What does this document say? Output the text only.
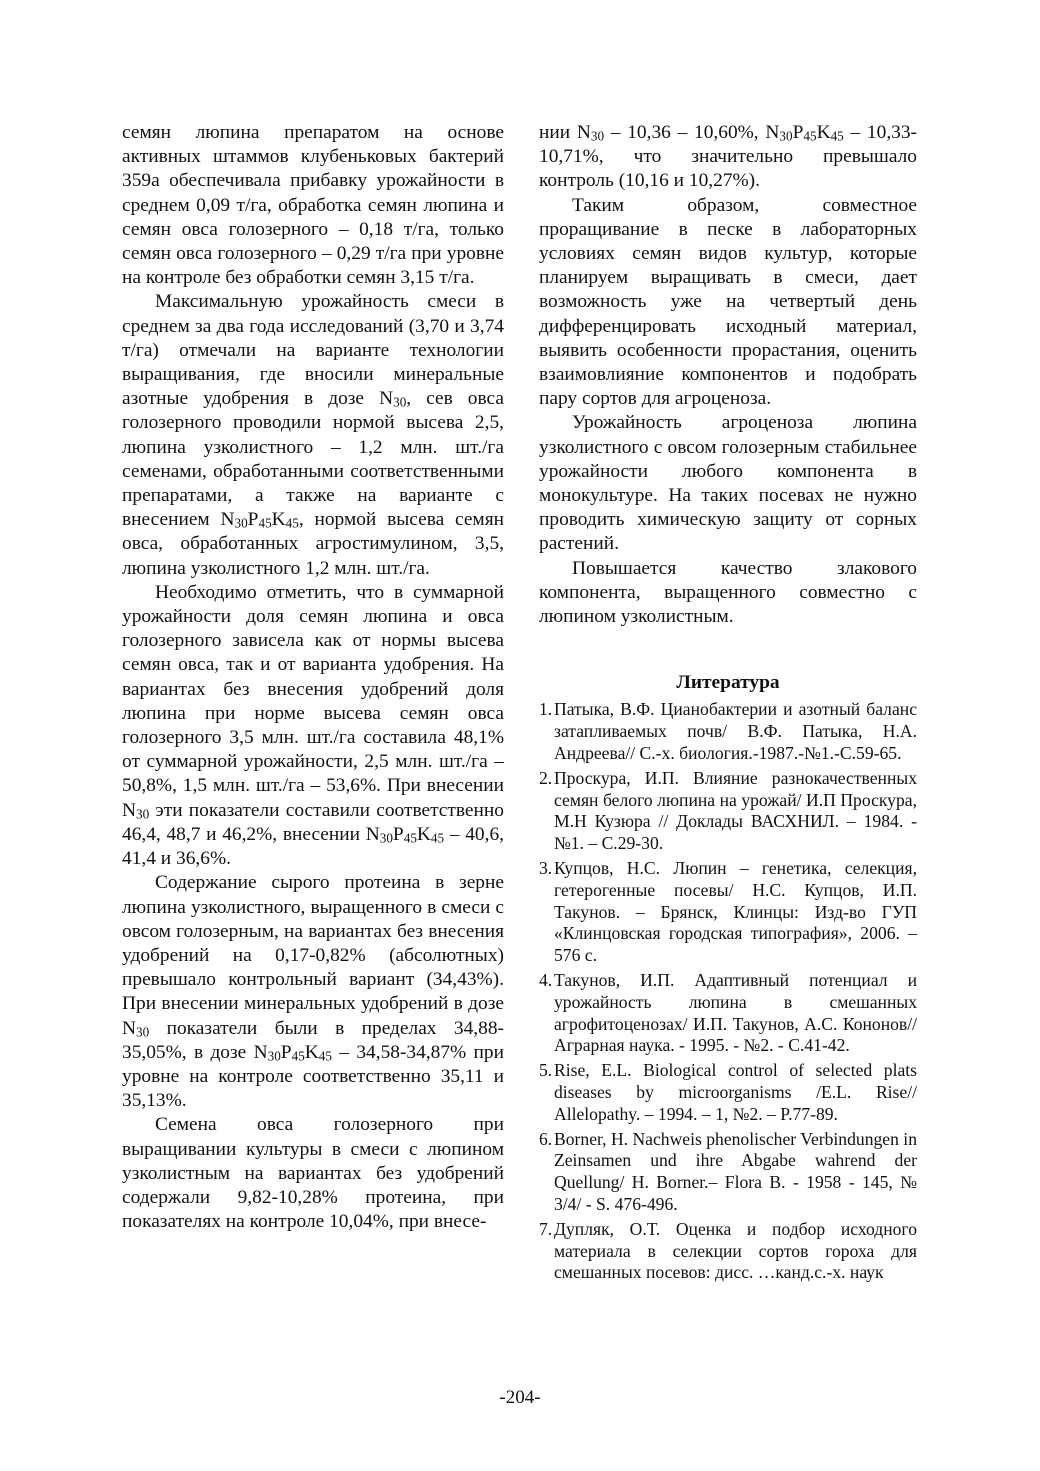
семян люпина препаратом на основе активных штаммов клубеньковых бактерий 359а обеспечивала прибавку урожайности в среднем 0,09 т/га, обработка семян люпина и семян овса голозерного – 0,18 т/га, только семян овса голозерного – 0,29 т/га при уровне на контроле без обработки семян 3,15 т/га.

Максимальную урожайность смеси в среднем за два года исследований (3,70 и 3,74 т/га) отмечали на варианте технологии выращивания, где вносили минеральные азотные удобрения в дозе $N_{30}$, сев овса голозерного проводили нормой высева 2,5, люпина узколистного – 1,2 млн. шт./га семенами, обработанными соответственными препаратами, а также на варианте с внесением $N_{30}P_{45}K_{45}$, нормой высева семян овса, обработанных агростимулином, 3,5, люпина узколистного 1,2 млн. шт./га.

Необходимо отметить, что в суммарной урожайности доля семян люпина и овса голозерного зависела как от нормы высева семян овса, так и от варианта удобрения. На вариантах без внесения удобрений доля люпина при норме высева семян овса голозерного 3,5 млн. шт./га составила 48,1% от суммарной урожайности, 2,5 млн. шт./га – 50,8%, 1,5 млн. шт./га – 53,6%. При внесении $N_{30}$ эти показатели составили соответственно 46,4, 48,7 и 46,2%, внесении $N_{30}P_{45}K_{45} - 40,6$, 41,4 и 36,6%.

Содержание сырого протеина в зерне люпина узколистного, выращенного в смеси с овсом голозерным, на вариантах без внесения удобрений на 0,17-0,82% (абсолютных) превышало контрольный вариант (34,43%). При внесении минеральных удобрений в дозе $N_{30}$ показатели были в пределах 34,88-35,05%, в дозе $N_{30}P_{45}K_{45} - 34,58-34,87\%$ при уровне на контроле соответственно 35,11 и 35,13%.

Семена овса голозерного при выращивании культуры в смеси с люпином узколистным на вариантах без удобрений содержали 9,82-10,28% протеина, при показателях на контроле 10,04%, при внесе-

нии $N_{30} - 10,36 - 10,60\%$, $N_{30}P_{45}K_{45} - 10,33-10,71\%$, что значительно превышало контроль (10,16 и 10,27%).

Таким образом, совместное проращивание в песке в лабораторных условиях семян видов культур, которые планируем выращивать в смеси, дает возможность уже на четвертый день дифференцировать исходный материал, выявить особенности прорастания, оценить взаимовлияние компонентов и подобрать пару сортов для агроценоза.

Урожайность агроценоза люпина узколистного с овсом голозерным стабильнее урожайности любого компонента в монокультуре. На таких посевах не нужно проводить химическую защиту от сорных растений.

Повышается качество злакового компонента, выращенного совместно с люпином узколистным.

Литература
1. Патыка, В.Ф. Цианобактерии и азотный баланс затапливаемых почв/ В.Ф. Патыка, Н.А. Андреева// С.-х. биология.-1987.-№1.-С.59-65.
2. Проскура, И.П. Влияние разнокачественных семян белого люпина на урожай/ И.П Проскура, М.Н Кузюра // Доклады ВАСХНИЛ. – 1984. - №1. – С.29-30.
3. Купцов, Н.С. Люпин – генетика, селекция, гетерогенные посевы/ Н.С. Купцов, И.П. Такунов. – Брянск, Клинцы: Изд-во ГУП «Клинцовская городская типография», 2006. – 576 с.
4. Такунов, И.П. Адаптивный потенциал и урожайность люпина в смешанных агрофитоценозах/ И.П. Такунов, А.С. Кононов// Аграрная наука. - 1995. - №2. - С.41-42.
5. Rise, E.L. Biological control of selected plats diseases by microorganisms /E.L. Rise// Allelopathy. – 1994. – 1, №2. – P.77-89.
6. Borner, H. Nachweis phenolischer Verbindungen in Zeinsamen und ihre Abgabe wahrend der Quellung/ H. Borner.– Flora B. - 1958 - 145, № 3/4/ - S. 476-496.
7. Дупляк, О.Т. Оценка и подбор исходного материала в селекции сортов гороха для смешанных посевов: дисс. …канд.с.-х. наук
-204-
